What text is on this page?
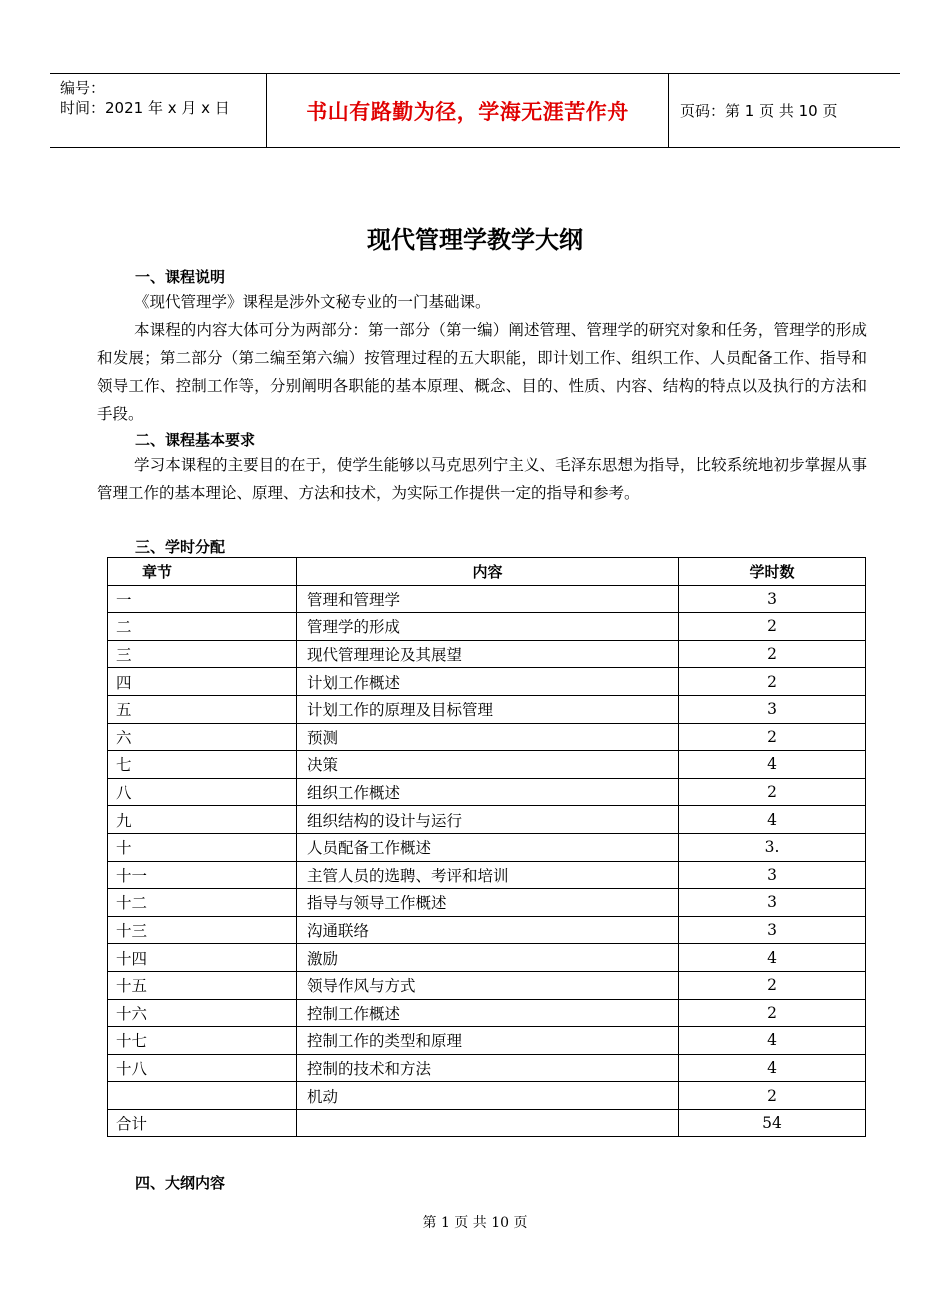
编号：
时间：2021 年 x 月 x 日	书山有路勤为径，学海无涯苦作舟	页码：第 1 页 共 10 页
现代管理学教学大纲
一、课程说明
《现代管理学》课程是涉外文秘专业的一门基础课。
本课程的内容大体可分为两部分：第一部分（第一编）阐述管理、管理学的研究对象和任务，管理学的形成和发展；第二部分（第二编至第六编）按管理过程的五大职能，即计划工作、组织工作、人员配备工作、指导和领导工作、控制工作等，分别阐明各职能的基本原理、概念、目的、性质、内容、结构的特点以及执行的方法和手段。
二、课程基本要求
学习本课程的主要目的在于，使学生能够以马克思列宁主义、毛泽东思想为指导，比较系统地初步掌握从事管理工作的基本理论、原理、方法和技术，为实际工作提供一定的指导和参考。
三、学时分配
章节	内容	学时数
一	管理和管理学	3
二	管理学的形成	2
三	现代管理理论及其展望	2
四	计划工作概述	2
五	计划工作的原理及目标管理	3
六	预测	2
七	决策	4
八	组织工作概述	2
九	组织结构的设计与运行	4
十	人员配备工作概述	3.
十一	主管人员的选聘、考评和培训	3
十二	指导与领导工作概述	3
十三	沟通联络	3
十四	激励	4
十五	领导作风与方式	2
十六	控制工作概述	2
十七	控制工作的类型和原理	4
十八	控制的技术和方法	4
	机动	2
合计		54
四、大纲内容
第 1 页 共 10 页
